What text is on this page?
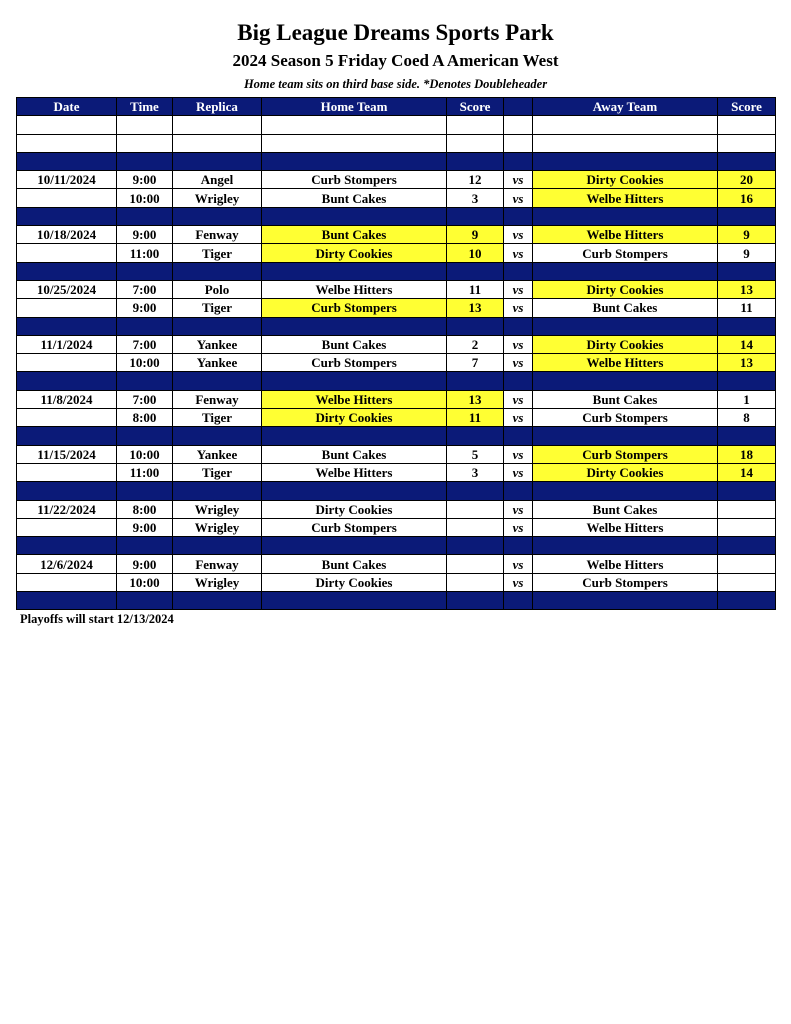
Big League Dreams Sports Park
2024 Season 5 Friday Coed A American West
Home team sits on third base side. *Denotes Doubleheader
Date	Time	Replica	Home Team	Score		Away Team	Score

10/11/2024	9:00	Angel	Curb Stompers	12	vs	Dirty Cookies	20
	10:00	Wrigley	Bunt Cakes	3	vs	Welbe Hitters	16

10/18/2024	9:00	Fenway	Bunt Cakes	9	vs	Welbe Hitters	9
	11:00	Tiger	Dirty Cookies	10	vs	Curb Stompers	9

10/25/2024	7:00	Polo	Welbe Hitters	11	vs	Dirty Cookies	13
	9:00	Tiger	Curb Stompers	13	vs	Bunt Cakes	11

11/1/2024	7:00	Yankee	Bunt Cakes	2	vs	Dirty Cookies	14
	10:00	Yankee	Curb Stompers	7	vs	Welbe Hitters	13

11/8/2024	7:00	Fenway	Welbe Hitters	13	vs	Bunt Cakes	1
	8:00	Tiger	Dirty Cookies	11	vs	Curb Stompers	8

11/15/2024	10:00	Yankee	Bunt Cakes	5	vs	Curb Stompers	18
	11:00	Tiger	Welbe Hitters	3	vs	Dirty Cookies	14

11/22/2024	8:00	Wrigley	Dirty Cookies		vs	Bunt Cakes	
	9:00	Wrigley	Curb Stompers		vs	Welbe Hitters	

12/6/2024	9:00	Fenway	Bunt Cakes		vs	Welbe Hitters	
	10:00	Wrigley	Dirty Cookies		vs	Curb Stompers	

Playoffs will start 12/13/2024
